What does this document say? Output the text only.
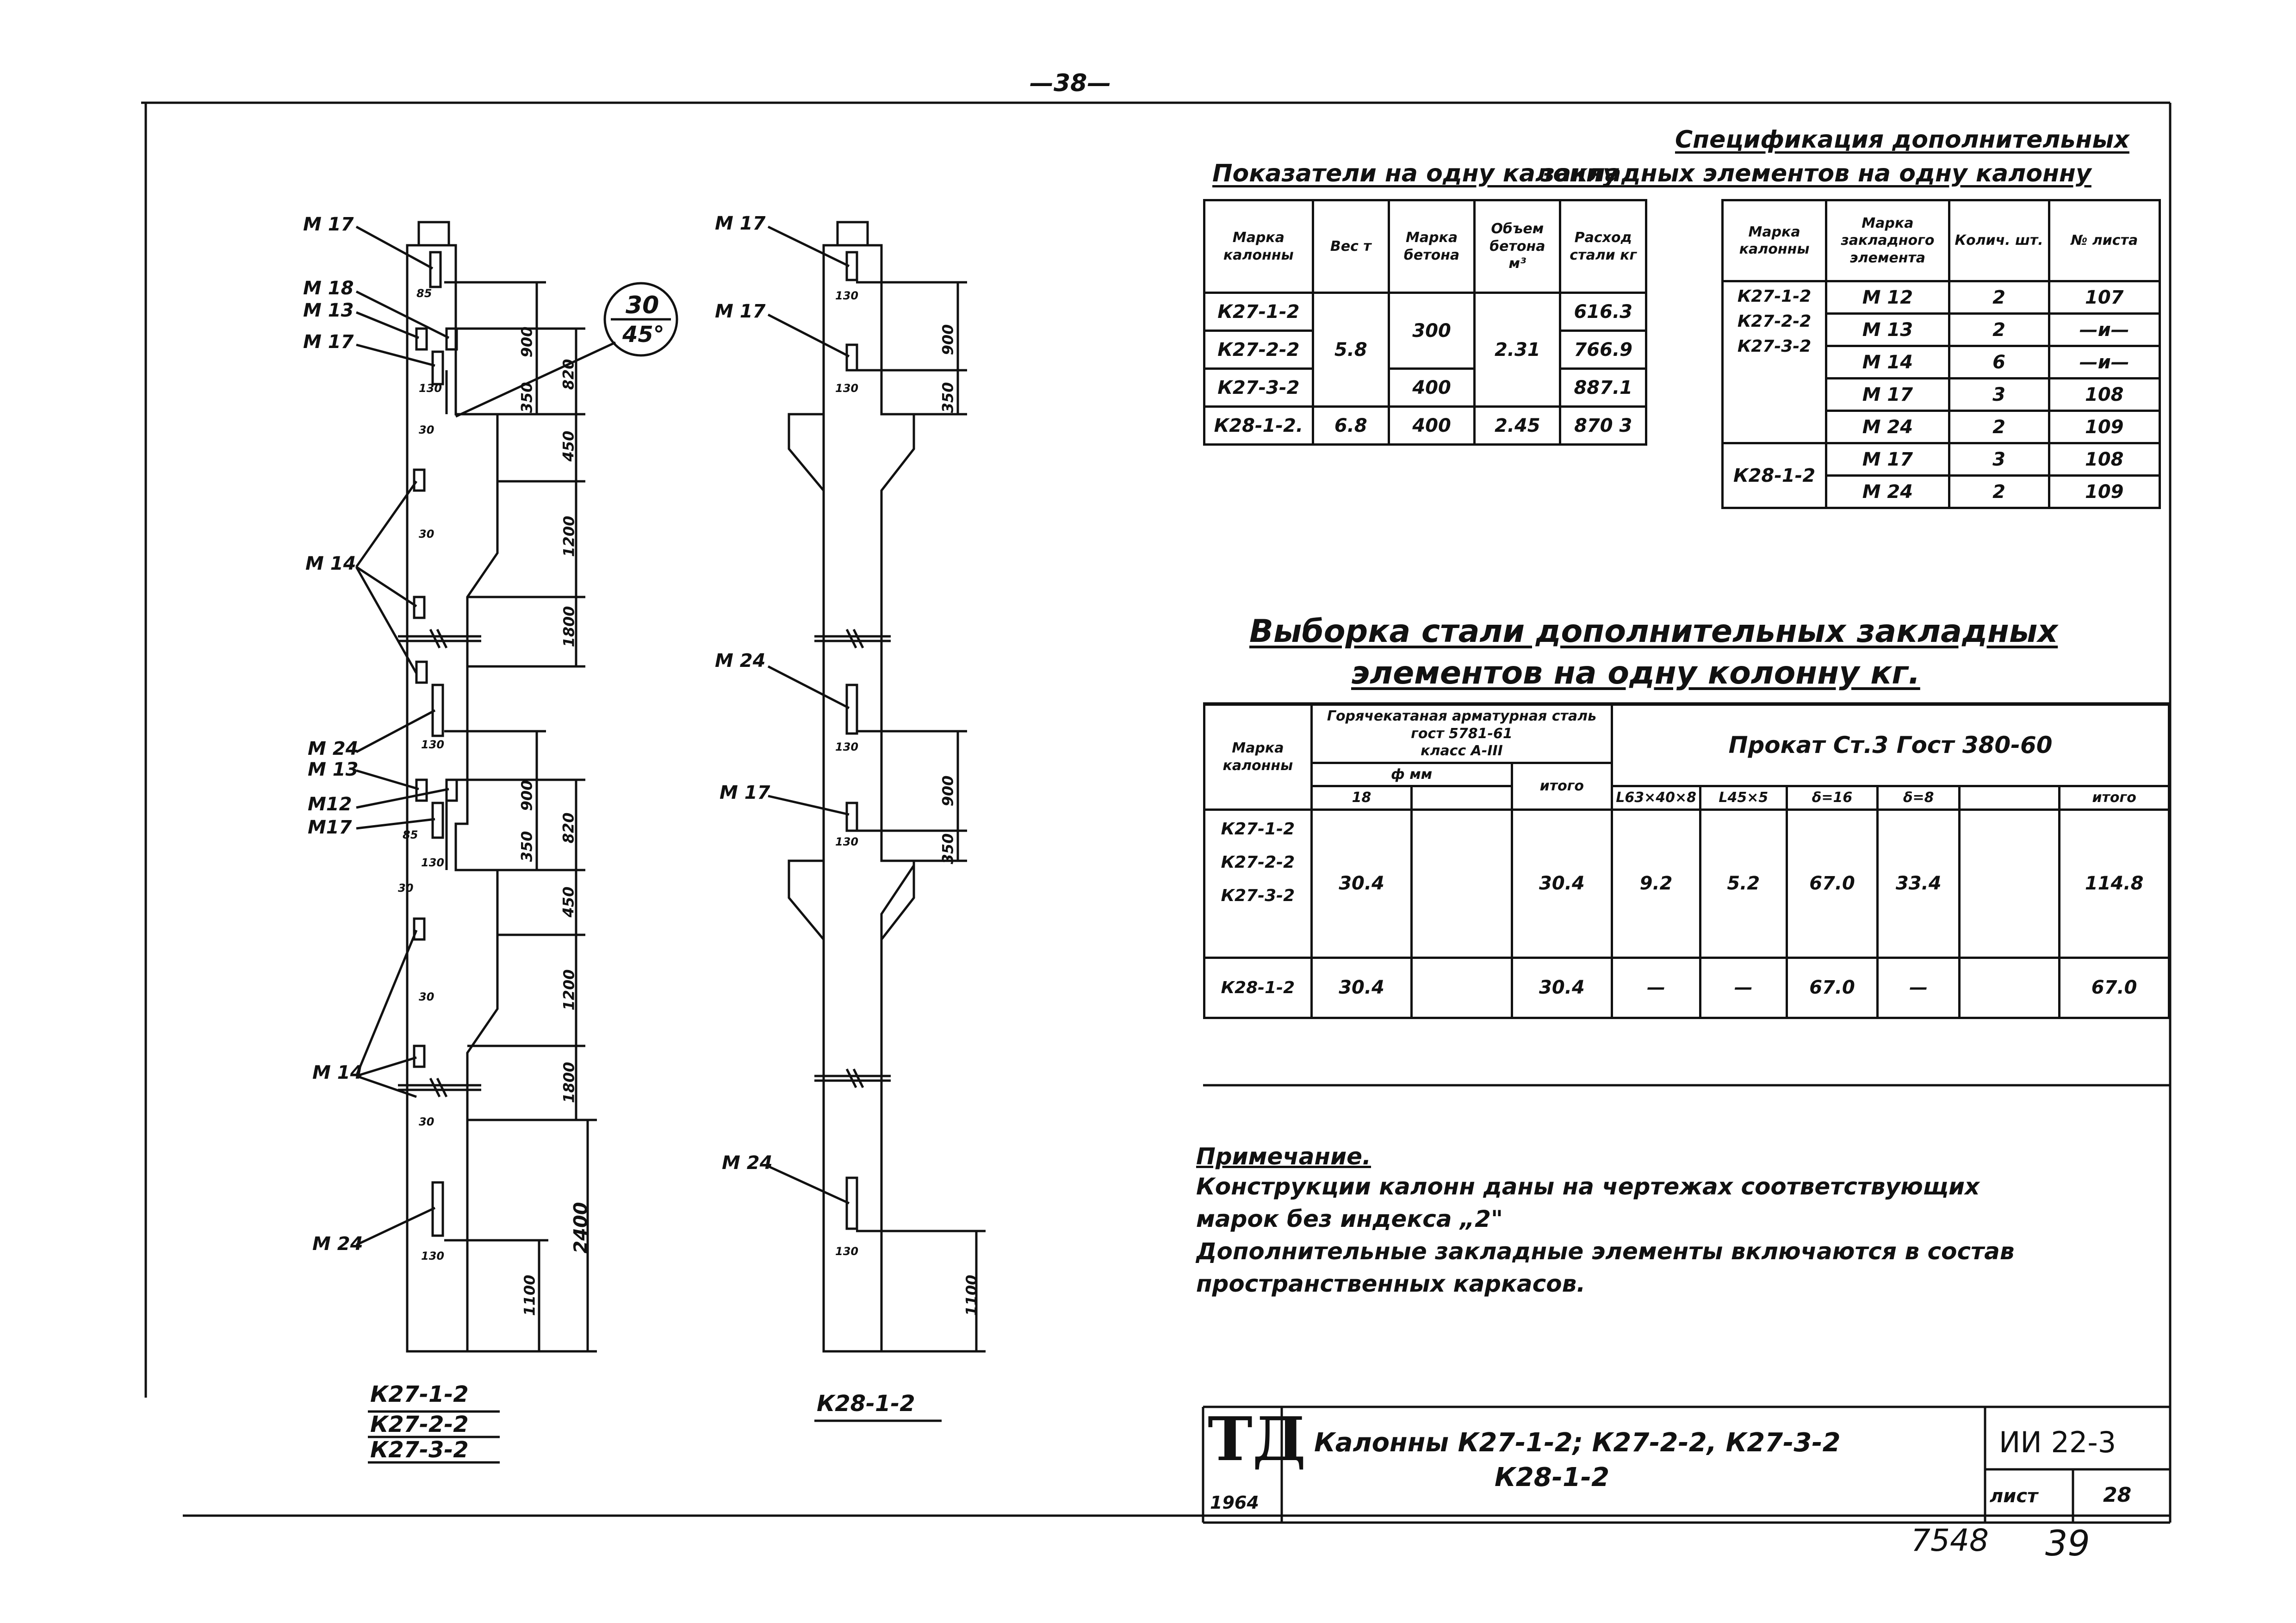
—38—
Показатели на одну калонну
Марка калонны	Вес т	Марка бетона	Объем бетона м³	Расход стали кг
К27-1-2	5.8	300	2.31	616.3
К27-2-2				766.9
К27-3-2		400		887.1
К28-1-2.	6.8	400	2.45	870 3
Спецификация дополнительных
закладных элементов на одну калонну
Марка калонны	Марка закладного элемента	Колич. шт.	№ листа

К27-1-2
К27-2-2
К27-3-2	М 12	2	107
	М 13	2	—и—
	М 14	6	—и—
	М 17	3	108
	М 24	2	109
К28-1-2	М 17	3	108
	М 24	2	109
Выборка стали дополнительных закладных
элементов на одну колонну кг.
Марка калонны	Горячекатаная арматурная сталь гост 5781-61
класс А-III			Прокат Ст.3 Гост 380-60					
	ф мм		итого						
	18			L63×40×8	L45×5	δ=16	δ=8		итого

К27-1-2
К27-2-2
К27-3-2	30.4		30.4	9.2	5.2	67.0	33.4		114.8
К28-1-2	30.4		30.4	—	—	67.0	—		67.0
Примечание.
Конструкции калонн даны на чертежах соответствующих
марок без индекса „2"
Дополнительные закладные элементы включаются в состав
пространственных каркасов.
ТД
1964
Калонны К27-1-2; К27-2-2, К27-3-2
К28-1-2
ИИ 22-3
лист	28
7548 39
М 17
М 18
М 13
М 17
М 14
М 24
М 13
М12
М17
М 14
М 24
30
45°
900
350
820
450
1200
1800
900
350
820
450
1200
1800
2400
1100
85
130
30
30
130
85
130
30
30
30
130
К27-1-2
К27-2-2
К27-3-2
М 17
М 17
М 24
М 17
М 24
900
350
900
350
1100
130
130
130
130
130
К28-1-2
